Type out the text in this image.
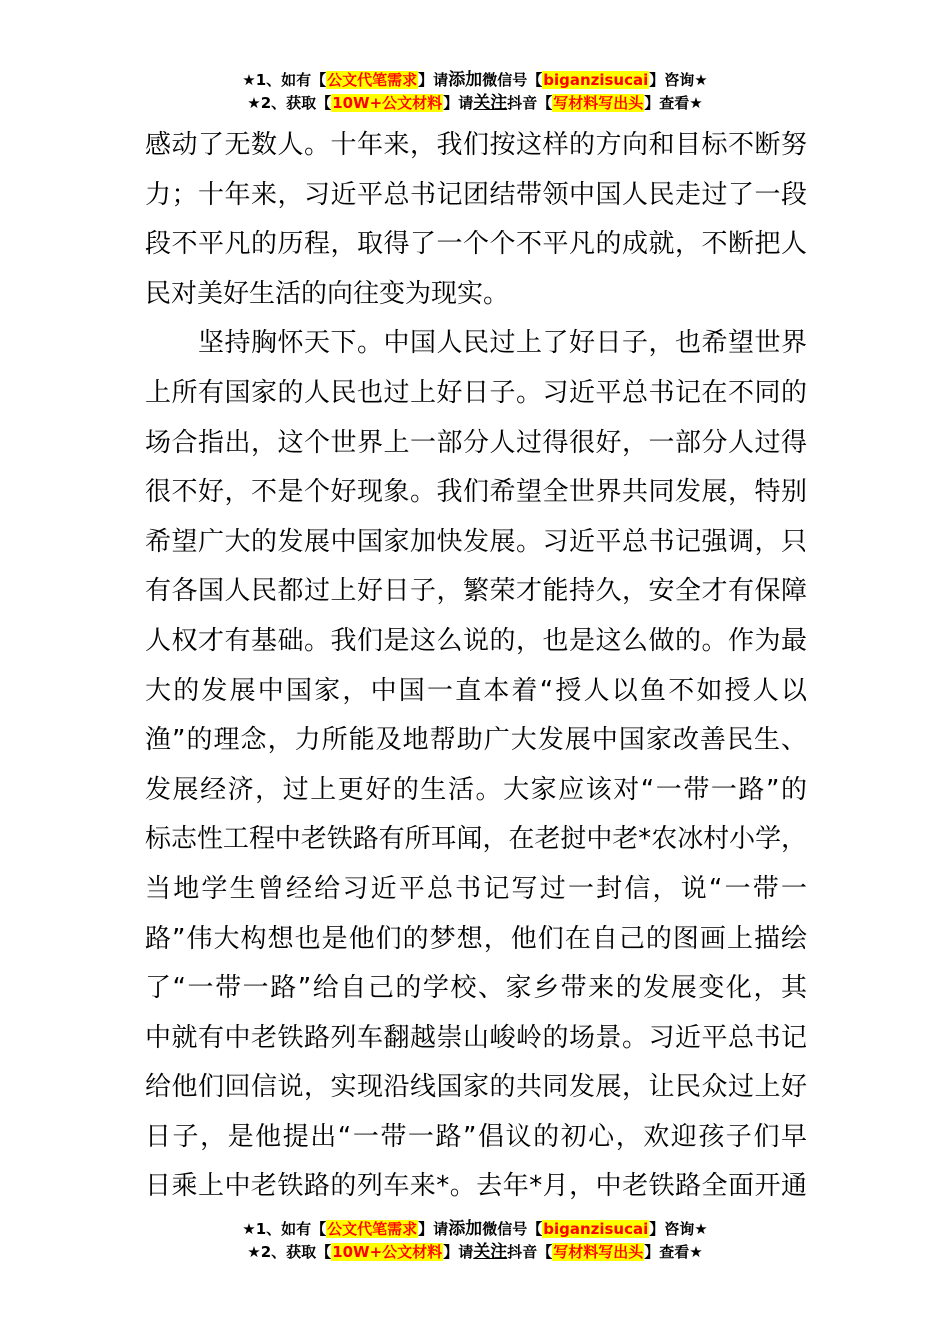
★1、如有【公文代笔需求】请添加微信号【biganzisucai】咨询★
★2、获取【10W+公文材料】请关注抖音【写材料写出头】查看★

感动了无数人。十年来，我们按这样的方向和目标不断努
力；十年来，习近平总书记团结带领中国人民走过了一段
段不平凡的历程，取得了一个个不平凡的成就，不断把人
民对美好生活的向往变为现实。

　　坚持胸怀天下。中国人民过上了好日子，也希望世界
上所有国家的人民也过上好日子。习近平总书记在不同的
场合指出，这个世界上一部分人过得很好，一部分人过得
很不好，不是个好现象。我们希望全世界共同发展，特别
希望广大的发展中国家加快发展。习近平总书记强调，只
有各国人民都过上好日子，繁荣才能持久，安全才有保障
人权才有基础。我们是这么说的，也是这么做的。作为最
大的发展中国家，中国一直本着“授人以鱼不如授人以
渔”的理念，力所能及地帮助广大发展中国家改善民生、
发展经济，过上更好的生活。大家应该对“一带一路”的
标志性工程中老铁路有所耳闻，在老挝中老*农冰村小学，
当地学生曾经给习近平总书记写过一封信，说“一带一
路”伟大构想也是他们的梦想，他们在自己的图画上描绘
了“一带一路”给自己的学校、家乡带来的发展变化，其
中就有中老铁路列车翻越崇山峻岭的场景。习近平总书记
给他们回信说，实现沿线国家的共同发展，让民众过上好
日子，是他提出“一带一路”倡议的初心，欢迎孩子们早
日乘上中老铁路的列车来*。去年*月，中老铁路全面开通

★1、如有【公文代笔需求】请添加微信号【biganzisucai】咨询★
★2、获取【10W+公文材料】请关注抖音【写材料写出头】查看★
